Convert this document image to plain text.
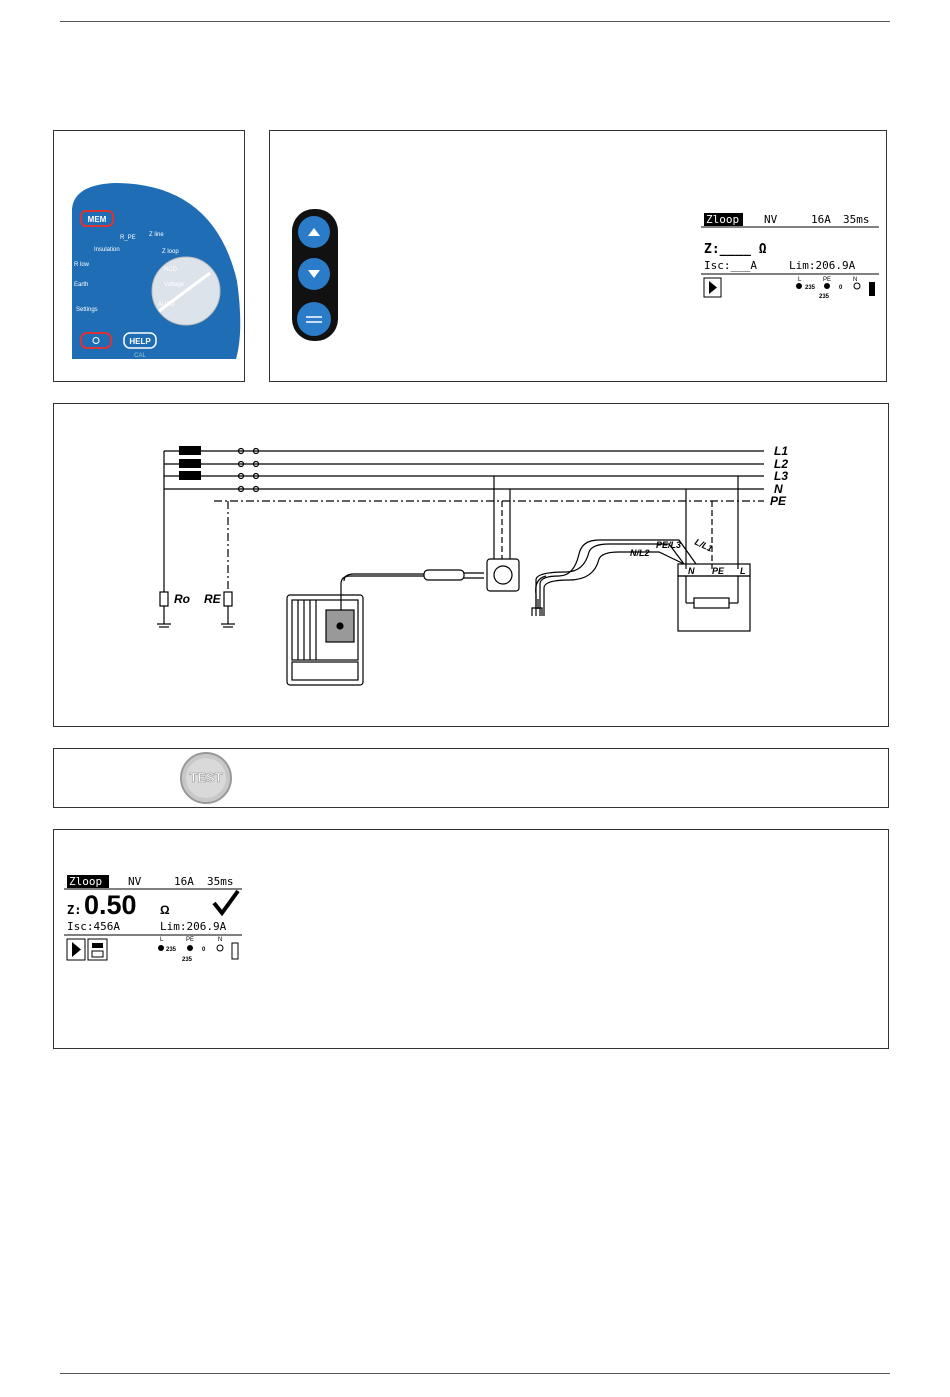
MEM
Insulation
R_PE Z line
Z loop
RCD
Voltage
AUTO
Settings
Earth
R low
HELP
CAL
Zloop NV	16A 35ms
Z:____ Ω
Isc:___A	Lim:206.9A
L	PE	N
235	0
235
L1
L2
L3
N
PE
Ro RE
L/L1
PE/L3
N/L2
N PE L
TEST
Zloop NV	16A 35ms
Z: 0.50 Ω
Isc:456A	Lim:206.9A
L	PE	N
235	0
235
